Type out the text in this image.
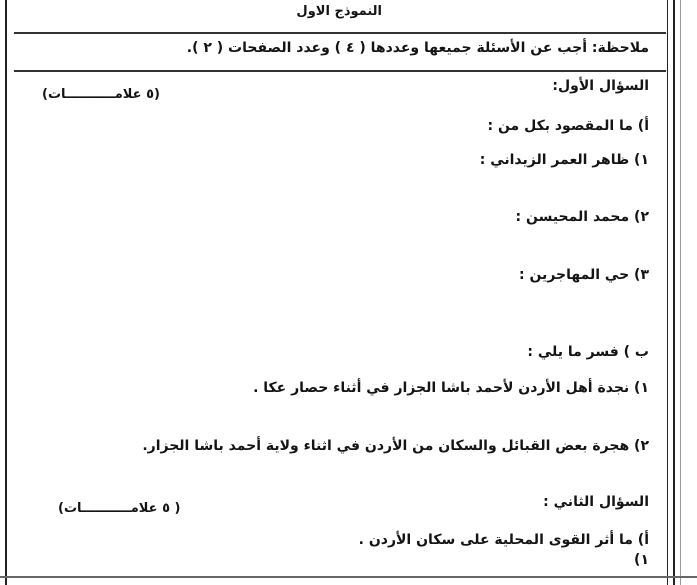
النموذج الاول
ملاحظة: أجب عن الأسئلة جميعها وعددها ( ٤ ) وعدد الصفحات ( ٢ ).
السؤال الأول:
(٥ علامـــــــــــات)
أ) ما المقصود بكل من :
١) ظاهر العمر الزيداني :
٢) محمد المحيسن :
٣) حي المهاجرين :
ب ) فسر ما يلي :
١) نجدة أهل الأردن لأحمد باشا الجزار في أثناء حصار عكا .
٢) هجرة بعض القبائل والسكان من الأردن في اثناء ولاية أحمد باشا الجزار.
السؤال الثاني :
( ٥ علامـــــــــــات)
أ) ما أثر القوى المحلية على سكان الأردن .
١)
